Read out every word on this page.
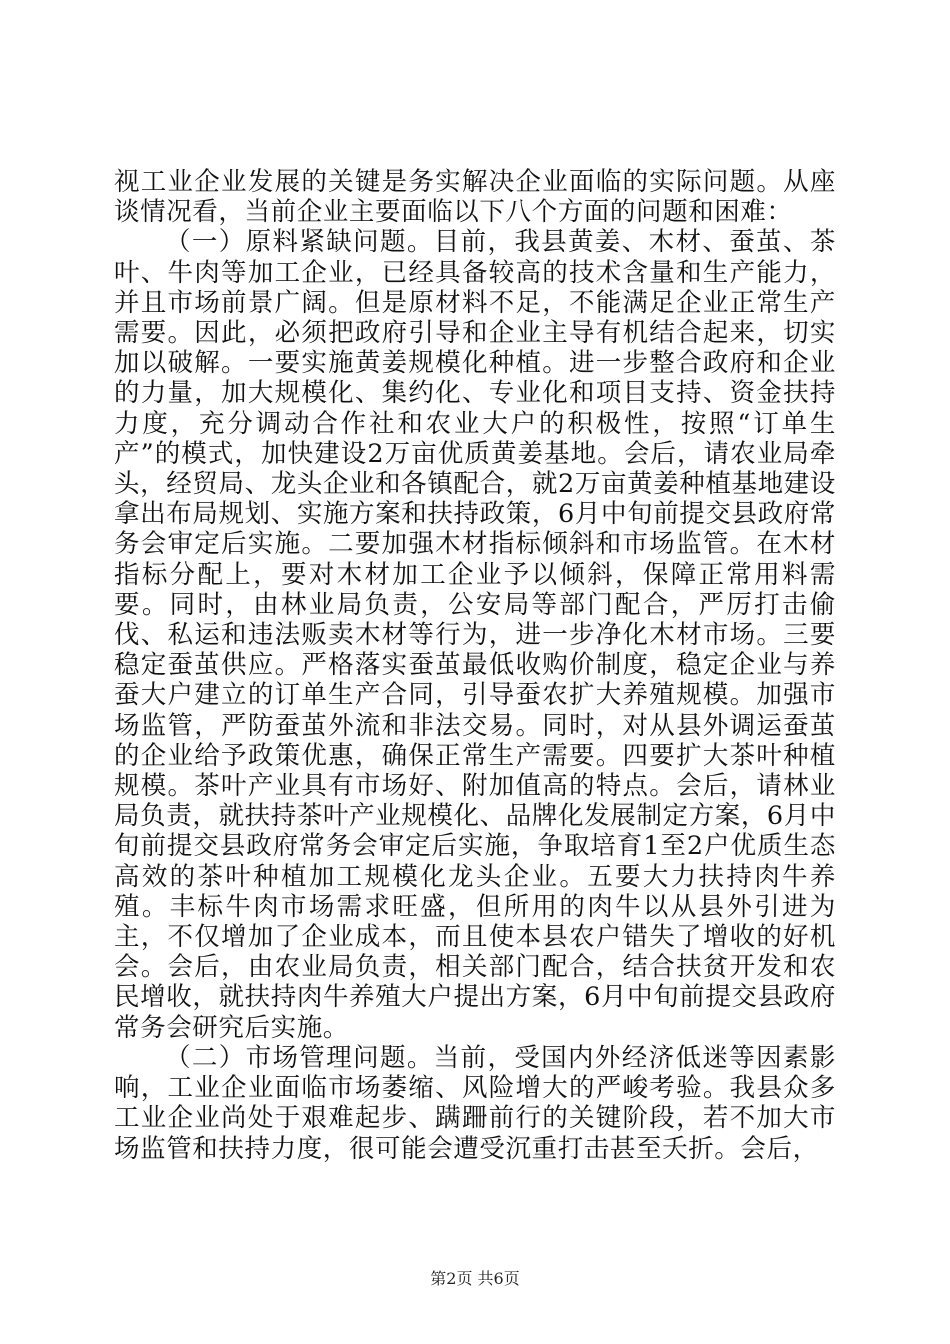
视工业企业发展的关键是务实解决企业面临的实际问题。从座谈情况看，当前企业主要面临以下八个方面的问题和困难：

（一）原料紧缺问题。目前，我县黄姜、木材、蚕茧、茶叶、牛肉等加工企业，已经具备较高的技术含量和生产能力，并且市场前景广阔。但是原材料不足，不能满足企业正常生产需要。因此，必须把政府引导和企业主导有机结合起来，切实加以破解。一要实施黄姜规模化种植。进一步整合政府和企业的力量，加大规模化、集约化、专业化和项目支持、资金扶持力度，充分调动合作社和农业大户的积极性，按照“订单生产”的模式，加快建设2万亩优质黄姜基地。会后，请农业局牵头，经贸局、龙头企业和各镇配合，就2万亩黄姜种植基地建设拿出布局规划、实施方案和扶持政策，6月中旬前提交县政府常务会审定后实施。二要加强木材指标倾斜和市场监管。在木材指标分配上，要对木材加工企业予以倾斜，保障正常用料需要。同时，由林业局负责，公安局等部门配合，严厉打击偷伐、私运和违法贩卖木材等行为，进一步净化木材市场。三要稳定蚕茧供应。严格落实蚕茧最低收购价制度，稳定企业与养蚕大户建立的订单生产合同，引导蚕农扩大养殖规模。加强市场监管，严防蚕茧外流和非法交易。同时，对从县外调运蚕茧的企业给予政策优惠，确保正常生产需要。四要扩大茶叶种植规模。茶叶产业具有市场好、附加值高的特点。会后，请林业局负责，就扶持茶叶产业规模化、品牌化发展制定方案，6月中旬前提交县政府常务会审定后实施，争取培育1至2户优质生态高效的茶叶种植加工规模化龙头企业。五要大力扶持肉牛养殖。丰标牛肉市场需求旺盛，但所用的肉牛以从县外引进为主，不仅增加了企业成本，而且使本县农户错失了增收的好机会。会后，由农业局负责，相关部门配合，结合扶贫开发和农民增收，就扶持肉牛养殖大户提出方案，6月中旬前提交县政府常务会研究后实施。

（二）市场管理问题。当前，受国内外经济低迷等因素影响，工业企业面临市场萎缩、风险增大的严峻考验。我县众多工业企业尚处于艰难起步、蹒跚前行的关键阶段，若不加大市场监管和扶持力度，很可能会遭受沉重打击甚至夭折。会后，

第2页 共6页
